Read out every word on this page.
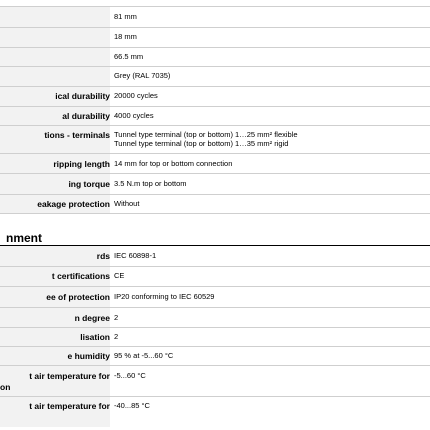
81 mm
18 mm
66.5 mm
Grey (RAL 7035)
ical durability 20000 cycles
al durability 4000 cycles
tions - terminals Tunnel type terminal (top or bottom) 1…25 mm² flexible
Tunnel type terminal (top or bottom) 1…35 mm² rigid
ripping length 14 mm for top or bottom connection
ing torque 3.5 N.m top or bottom
eakage protection Without
nment
rds IEC 60898-1
t certifications CE
ee of protection IP20 conforming to IEC 60529
n degree 2
lisation 2
e humidity 95 % at -5...60 °C
t air temperature for
on
-5...60 °C
t air temperature for -40...85 °C
